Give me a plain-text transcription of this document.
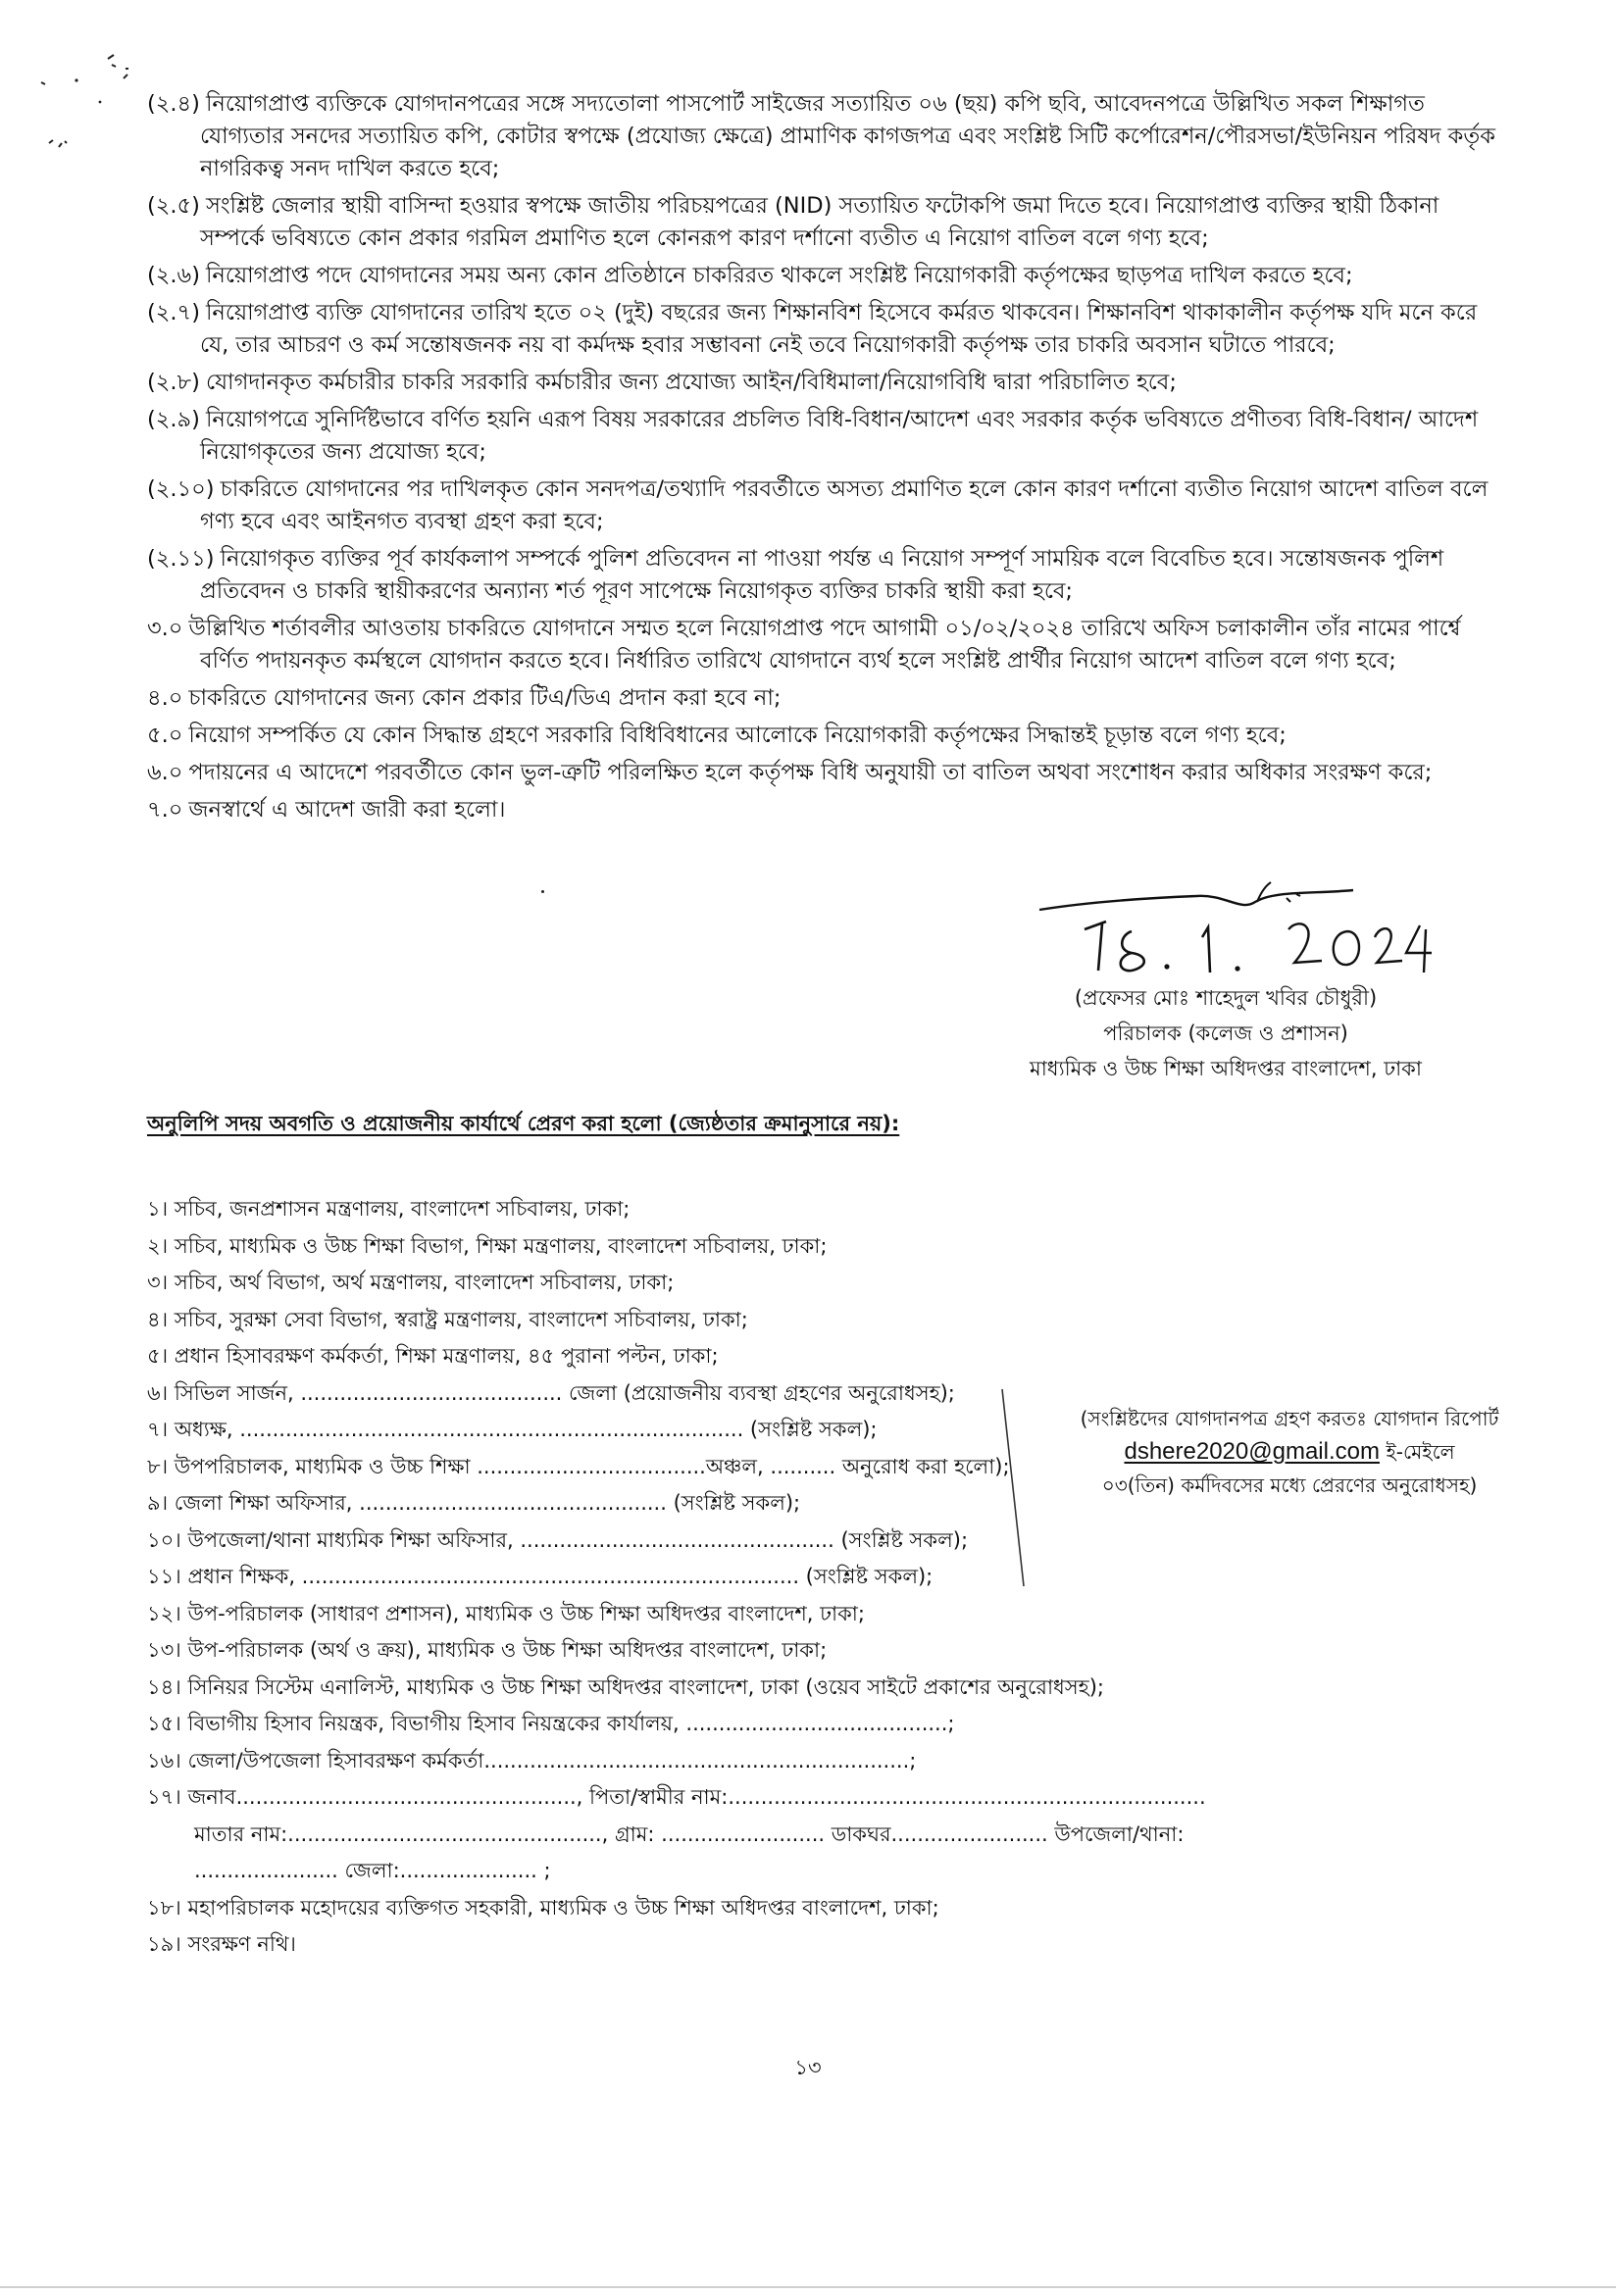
(২.৪) নিয়োগপ্রাপ্ত ব্যক্তিকে যোগদানপত্রের সঙ্গে সদ্যতোলা পাসপোর্ট সাইজের সত্যায়িত ০৬ (ছয়) কপি ছবি, আবেদনপত্রে উল্লিখিত সকল শিক্ষাগত যোগ্যতার সনদের সত্যায়িত কপি, কোটার স্বপক্ষে (প্রযোজ্য ক্ষেত্রে) প্রামাণিক কাগজপত্র এবং সংশ্লিষ্ট সিটি কর্পোরেশন/পৌরসভা/ইউনিয়ন পরিষদ কর্তৃক নাগরিকত্ব সনদ দাখিল করতে হবে;
(২.৫) সংশ্লিষ্ট জেলার স্থায়ী বাসিন্দা হওয়ার স্বপক্ষে জাতীয় পরিচয়পত্রের (NID) সত্যায়িত ফটোকপি জমা দিতে হবে। নিয়োগপ্রাপ্ত ব্যক্তির স্থায়ী ঠিকানা সম্পর্কে ভবিষ্যতে কোন প্রকার গরমিল প্রমাণিত হলে কোনরূপ কারণ দর্শানো ব্যতীত এ নিয়োগ বাতিল বলে গণ্য হবে;
(২.৬) নিয়োগপ্রাপ্ত পদে যোগদানের সময় অন্য কোন প্রতিষ্ঠানে চাকরিরত থাকলে সংশ্লিষ্ট নিয়োগকারী কর্তৃপক্ষের ছাড়পত্র দাখিল করতে হবে;
(২.৭) নিয়োগপ্রাপ্ত ব্যক্তি যোগদানের তারিখ হতে ০২ (দুই) বছরের জন্য শিক্ষানবিশ হিসেবে কর্মরত থাকবেন। শিক্ষানবিশ থাকাকালীন কর্তৃপক্ষ যদি মনে করে যে, তার আচরণ ও কর্ম সন্তোষজনক নয় বা কর্মদক্ষ হবার সম্ভাবনা নেই তবে নিয়োগকারী কর্তৃপক্ষ তার চাকরি অবসান ঘটাতে পারবে;
(২.৮) যোগদানকৃত কর্মচারীর চাকরি সরকারি কর্মচারীর জন্য প্রযোজ্য আইন/বিধিমালা/নিয়োগবিধি দ্বারা পরিচালিত হবে;
(২.৯) নিয়োগপত্রে সুনির্দিষ্টভাবে বর্ণিত হয়নি এরূপ বিষয় সরকারের প্রচলিত বিধি-বিধান/আদেশ এবং সরকার কর্তৃক ভবিষ্যতে প্রণীতব্য বিধি-বিধান/ আদেশ নিয়োগকৃতের জন্য প্রযোজ্য হবে;
(২.১০) চাকরিতে যোগদানের পর দাখিলকৃত কোন সনদপত্র/তথ্যাদি পরবর্তীতে অসত্য প্রমাণিত হলে কোন কারণ দর্শানো ব্যতীত নিয়োগ আদেশ বাতিল বলে গণ্য হবে এবং আইনগত ব্যবস্থা গ্রহণ করা হবে;
(২.১১) নিয়োগকৃত ব্যক্তির পূর্ব কার্যকলাপ সম্পর্কে পুলিশ প্রতিবেদন না পাওয়া পর্যন্ত এ নিয়োগ সম্পূর্ণ সাময়িক বলে বিবেচিত হবে। সন্তোষজনক পুলিশ প্রতিবেদন ও চাকরি স্থায়ীকরণের অন্যান্য শর্ত পূরণ সাপেক্ষে নিয়োগকৃত ব্যক্তির চাকরি স্থায়ী করা হবে;
৩.০ উল্লিখিত শর্তাবলীর আওতায় চাকরিতে যোগদানে সম্মত হলে নিয়োগপ্রাপ্ত পদে আগামী ০১/০২/২০২৪ তারিখে অফিস চলাকালীন তাঁর নামের পার্শ্বে বর্ণিত পদায়নকৃত কর্মস্থলে যোগদান করতে হবে। নির্ধারিত তারিখে যোগদানে ব্যর্থ হলে সংশ্লিষ্ট প্রার্থীর নিয়োগ আদেশ বাতিল বলে গণ্য হবে;
৪.০ চাকরিতে যোগদানের জন্য কোন প্রকার টিএ/ডিএ প্রদান করা হবে না;
৫.০ নিয়োগ সম্পর্কিত যে কোন সিদ্ধান্ত গ্রহণে সরকারি বিধিবিধানের আলোকে নিয়োগকারী কর্তৃপক্ষের সিদ্ধান্তই চূড়ান্ত বলে গণ্য হবে;
৬.০ পদায়নের এ আদেশে পরবর্তীতে কোন ভুল-ত্রুটি পরিলক্ষিত হলে কর্তৃপক্ষ বিধি অনুযায়ী তা বাতিল অথবা সংশোধন করার অধিকার সংরক্ষণ করে;
৭.০ জনস্বার্থে এ আদেশ জারী করা হলো।
(প্রফেসর মোঃ শাহেদুল খবির চৌধুরী)
পরিচালক (কলেজ ও প্রশাসন)
মাধ্যমিক ও উচ্চ শিক্ষা অধিদপ্তর বাংলাদেশ, ঢাকা
অনুলিপি সদয় অবগতি ও প্রয়োজনীয় কার্যার্থে প্রেরণ করা হলো (জ্যেষ্ঠতার ক্রমানুসারে নয়):
১। সচিব, জনপ্রশাসন মন্ত্রণালয়, বাংলাদেশ সচিবালয়, ঢাকা;
২। সচিব, মাধ্যমিক ও উচ্চ শিক্ষা বিভাগ, শিক্ষা মন্ত্রণালয়, বাংলাদেশ সচিবালয়, ঢাকা;
৩। সচিব, অর্থ বিভাগ, অর্থ মন্ত্রণালয়, বাংলাদেশ সচিবালয়, ঢাকা;
৪। সচিব, সুরক্ষা সেবা বিভাগ, স্বরাষ্ট্র মন্ত্রণালয়, বাংলাদেশ সচিবালয়, ঢাকা;
৫। প্রধান হিসাবরক্ষণ কর্মকর্তা, শিক্ষা মন্ত্রণালয়, ৪৫ পুরানা পল্টন, ঢাকা;
৬। সিভিল সার্জন, ........................................ জেলা (প্রয়োজনীয় ব্যবস্থা গ্রহণের অনুরোধসহ);
৭। অধ্যক্ষ, ............................................................................. (সংশ্লিষ্ট সকল);
৮। উপপরিচালক, মাধ্যমিক ও উচ্চ শিক্ষা ...................................অঞ্চল, .......... অনুরোধ করা হলো);
৯। জেলা শিক্ষা অফিসার, ............................................... (সংশ্লিষ্ট সকল);
১০। উপজেলা/থানা মাধ্যমিক শিক্ষা অফিসার, ................................................ (সংশ্লিষ্ট সকল);
১১। প্রধান শিক্ষক, ............................................................................ (সংশ্লিষ্ট সকল);
১২। উপ-পরিচালক (সাধারণ প্রশাসন), মাধ্যমিক ও উচ্চ শিক্ষা অধিদপ্তর বাংলাদেশ, ঢাকা;
১৩। উপ-পরিচালক (অর্থ ও ক্রয়), মাধ্যমিক ও উচ্চ শিক্ষা অধিদপ্তর বাংলাদেশ, ঢাকা;
১৪। সিনিয়র সিস্টেম এনালিস্ট, মাধ্যমিক ও উচ্চ শিক্ষা অধিদপ্তর বাংলাদেশ, ঢাকা (ওয়েব সাইটে প্রকাশের অনুরোধসহ);
১৫। বিভাগীয় হিসাব নিয়ন্ত্রক, বিভাগীয় হিসাব নিয়ন্ত্রকের কার্যালয়, ........................................;
১৬। জেলা/উপজেলা হিসাবরক্ষণ কর্মকর্তা.................................................................;
১৭। জনাব...................................................., পিতা/স্বামীর নাম:.........................................................................
মাতার নাম:................................................, গ্রাম: ......................... ডাকঘর........................ উপজেলা/থানা:
...................... জেলা:..................... ;
১৮। মহাপরিচালক মহোদয়ের ব্যক্তিগত সহকারী, মাধ্যমিক ও উচ্চ শিক্ষা অধিদপ্তর বাংলাদেশ, ঢাকা;
১৯। সংরক্ষণ নথি।
(সংশ্লিষ্টদের যোগদানপত্র গ্রহণ করতঃ যোগদান রিপোর্ট
dshere2020@gmail.com ই-মেইলে
০৩(তিন) কর্মদিবসের মধ্যে প্রেরণের অনুরোধসহ)
১৩
